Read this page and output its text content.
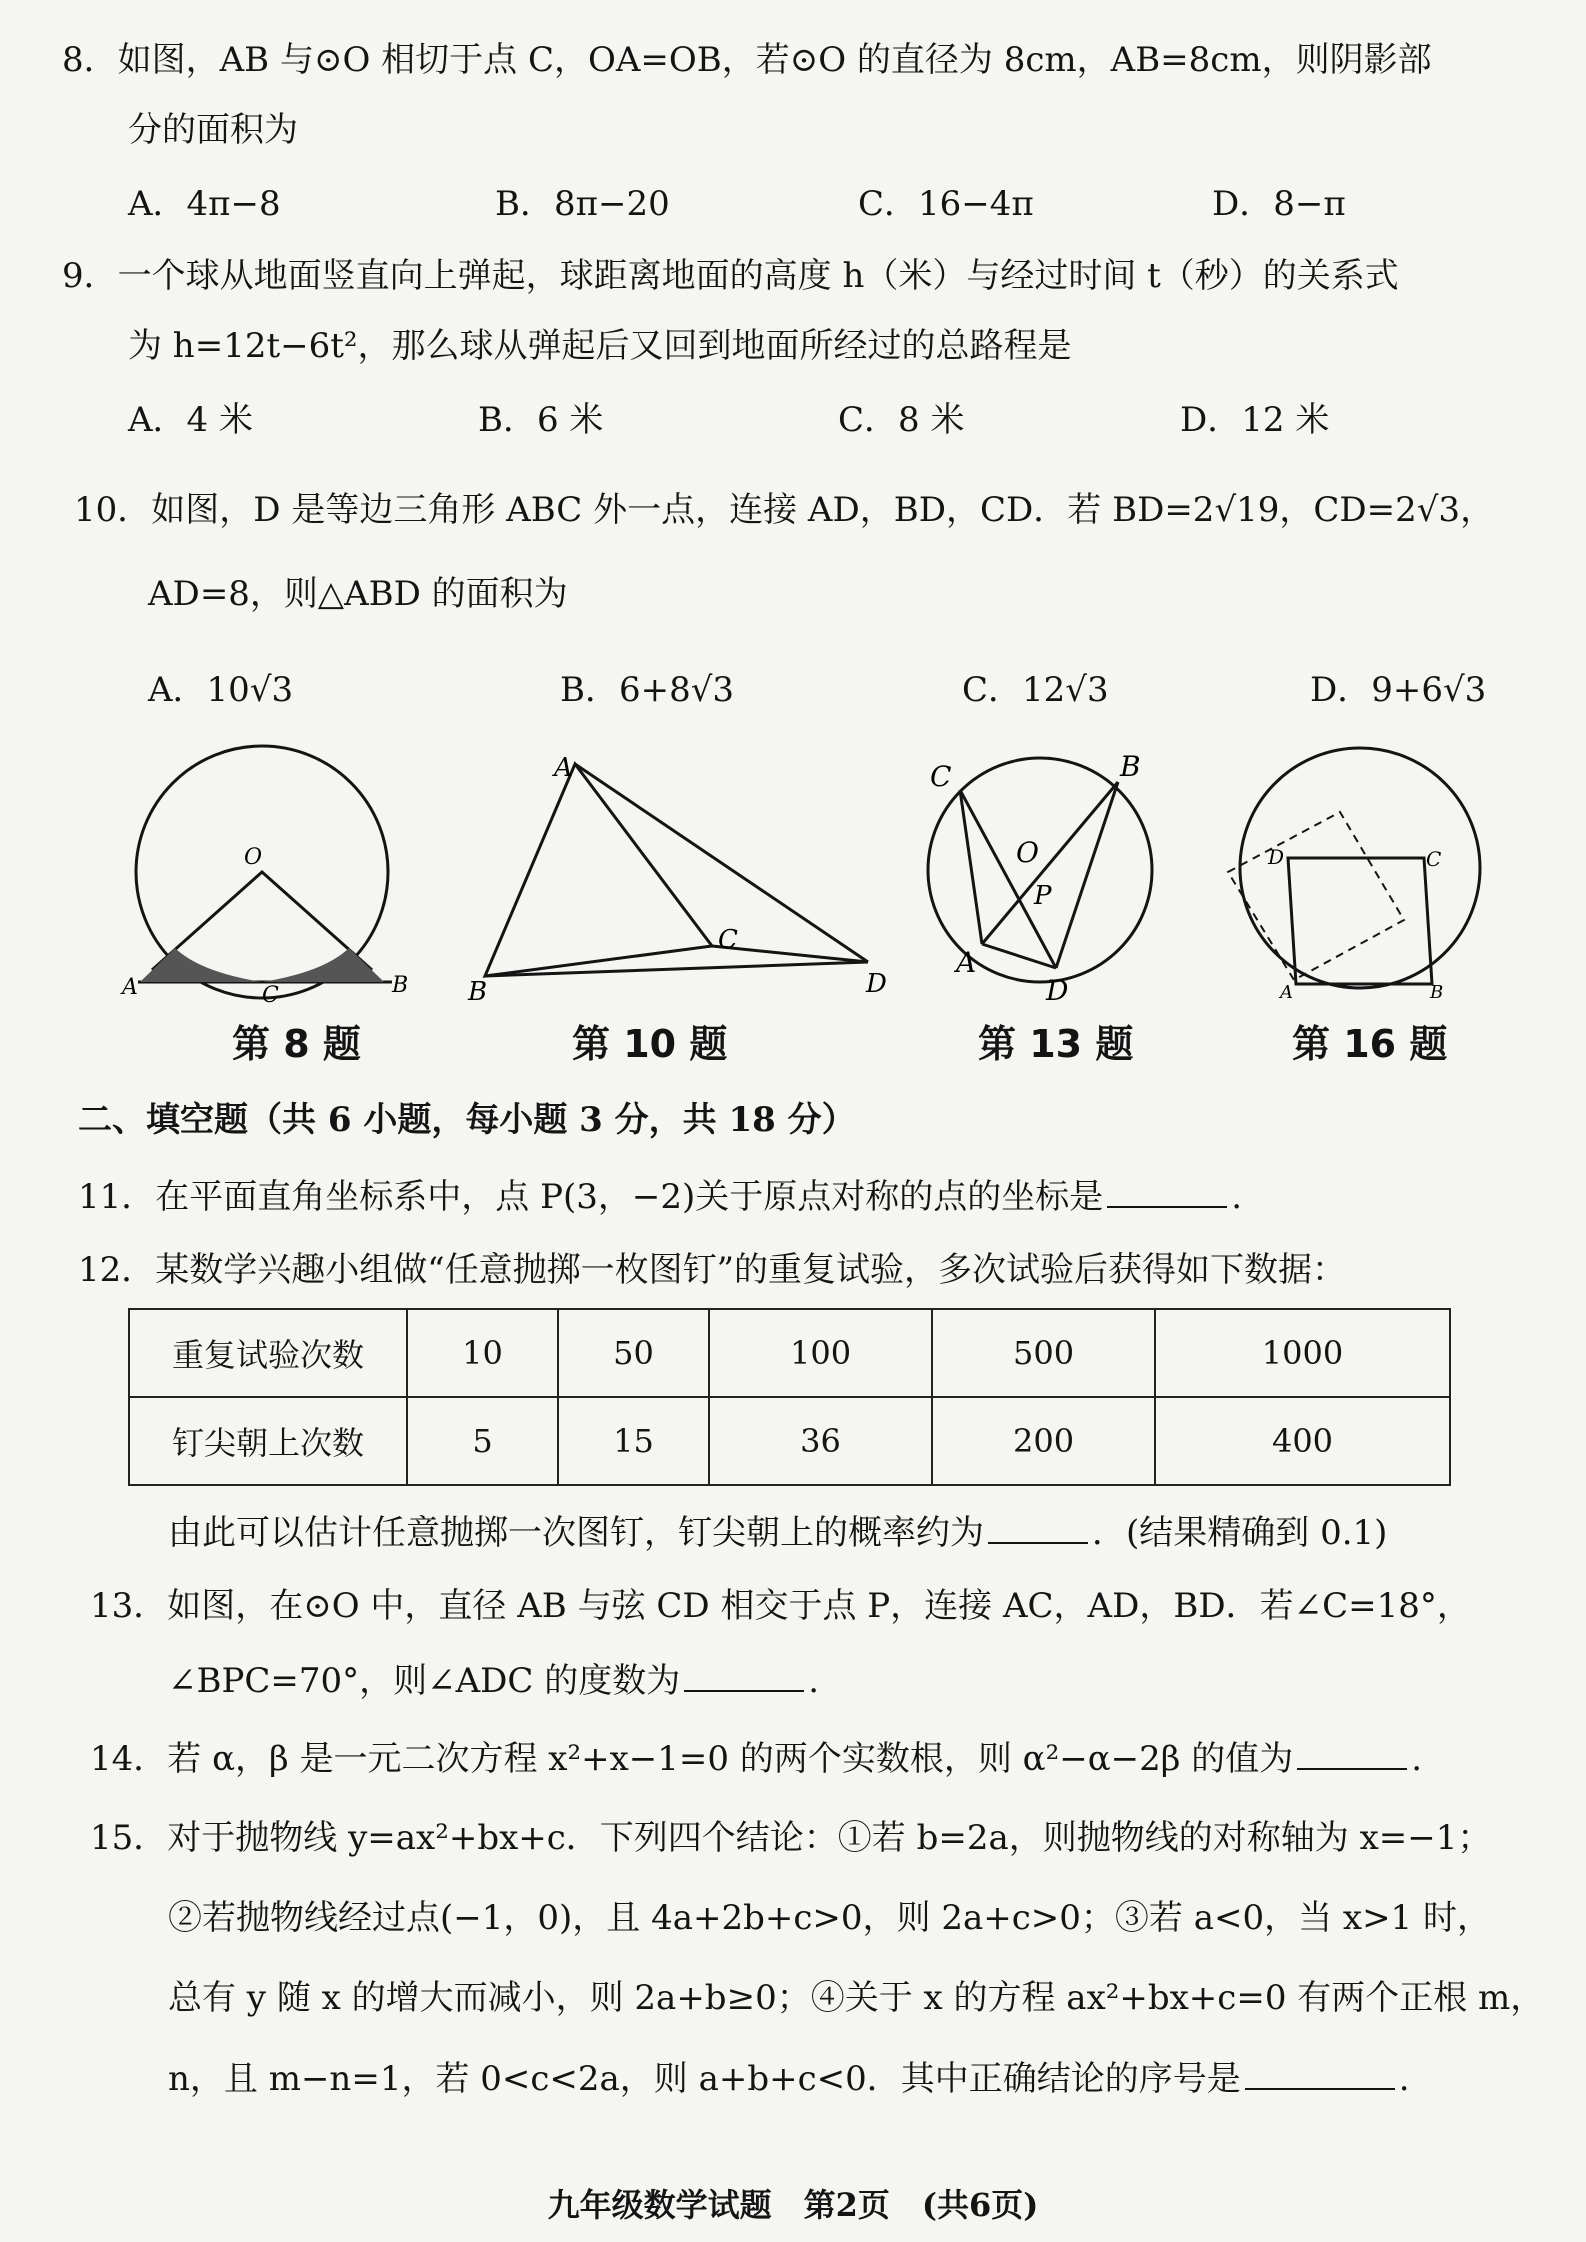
8．如图，AB 与⊙O 相切于点 C，OA=OB，若⊙O 的直径为 8cm，AB=8cm，则阴影部
分的面积为
A．4π−8	B．8π−20	C．16−4π	D．8−π
9．一个球从地面竖直向上弹起，球距离地面的高度 h（米）与经过时间 t（秒）的关系式
为 h=12t−6t²，那么球从弹起后又回到地面所经过的总路程是
A．4 米	B．6 米	C．8 米	D．12 米
10．如图，D 是等边三角形 ABC 外一点，连接 AD，BD，CD．若 BD=2√19，CD=2√3，
AD=8，则△ABD 的面积为
A．10√3	B．6+8√3	C．12√3	D．9+6√3
O
A	C	B
A
B
C
D
C	B
O
P
A
D
D	C
A	B
第 8 题	第 10 题	第 13 题	第 16 题
二、填空题（共 6 小题，每小题 3 分，共 18 分）
11．在平面直角坐标系中，点 P(3，−2)关于原点对称的点的坐标是	.
12．某数学兴趣小组做“任意抛掷一枚图钉”的重复试验，多次试验后获得如下数据：
重复试验次数	10	50	100	500	1000
钉尖朝上次数	5	15	36	200	400
由此可以估计任意抛掷一次图钉，钉尖朝上的概率约为	．(结果精确到 0.1)
13．如图，在⊙O 中，直径 AB 与弦 CD 相交于点 P，连接 AC，AD，BD．若∠C=18°，
∠BPC=70°，则∠ADC 的度数为	.
14．若 α，β 是一元二次方程 x²+x−1=0 的两个实数根，则 α²−α−2β 的值为	.
15．对于抛物线 y=ax²+bx+c．下列四个结论：①若 b=2a，则抛物线的对称轴为 x=−1；
②若抛物线经过点(−1，0)，且 4a+2b+c>0，则 2a+c>0；③若 a<0，当 x>1 时，
总有 y 随 x 的增大而减小，则 2a+b≥0；④关于 x 的方程 ax²+bx+c=0 有两个正根 m，
n，且 m−n=1，若 0<c<2a，则 a+b+c<0．其中正确结论的序号是	.
九年级数学试题　第2页　(共6页)
